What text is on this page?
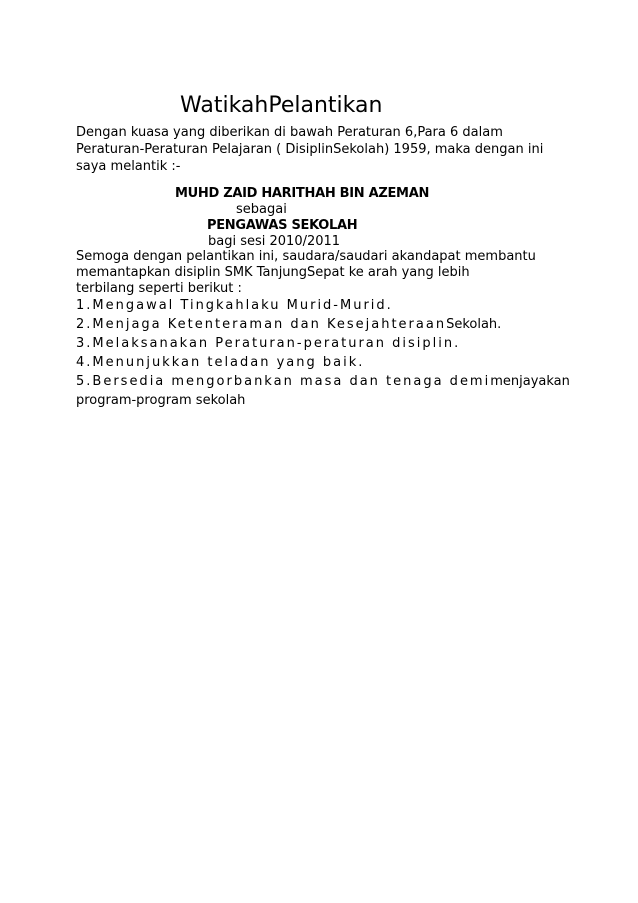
WatikahPelantikan
Dengan kuasa yang diberikan di bawah Peraturan 6,Para 6 dalam
Peraturan-Peraturan Pelajaran ( DisiplinSekolah) 1959, maka dengan ini
saya melantik :-
MUHD ZAID HARITHAH BIN AZEMAN
sebagai
PENGAWAS SEKOLAH
bagi sesi 2010/2011
Semoga dengan pelantikan ini, saudara/saudari akandapat membantu
memantapkan disiplin SMK TanjungSepat ke arah yang lebih
terbilang seperti berikut :
1.Mengawal Tingkahlaku Murid-Murid.
2.Menjaga Ketenteraman dan KesejahteraanSekolah.
3.Melaksanakan Peraturan-peraturan disiplin.
4.Menunjukkan teladan yang baik.
5.Bersedia mengorbankan masa dan tenaga demimenjayakan
program-program sekolah
